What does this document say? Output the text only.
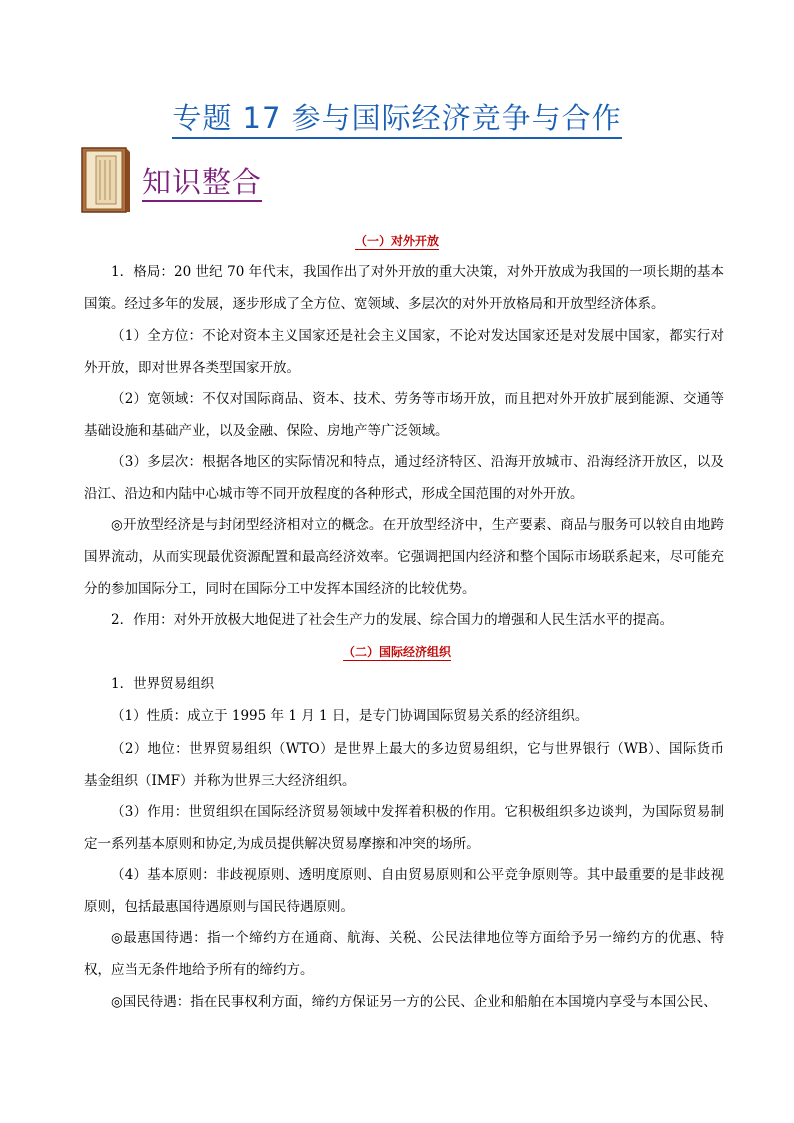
专题 17 参与国际经济竞争与合作
知识整合
（一）对外开放
1．格局：20 世纪 70 年代末，我国作出了对外开放的重大决策，对外开放成为我国的一项长期的基本国策。经过多年的发展，逐步形成了全方位、宽领域、多层次的对外开放格局和开放型经济体系。
（1）全方位：不论对资本主义国家还是社会主义国家，不论对发达国家还是对发展中国家，都实行对外开放，即对世界各类型国家开放。
（2）宽领域：不仅对国际商品、资本、技术、劳务等市场开放，而且把对外开放扩展到能源、交通等基础设施和基础产业，以及金融、保险、房地产等广泛领域。
（3）多层次：根据各地区的实际情况和特点，通过经济特区、沿海开放城市、沿海经济开放区，以及沿江、沿边和内陆中心城市等不同开放程度的各种形式，形成全国范围的对外开放。
◎开放型经济是与封闭型经济相对立的概念。在开放型经济中，生产要素、商品与服务可以较自由地跨国界流动，从而实现最优资源配置和最高经济效率。它强调把国内经济和整个国际市场联系起来，尽可能充分的参加国际分工，同时在国际分工中发挥本国经济的比较优势。
2．作用：对外开放极大地促进了社会生产力的发展、综合国力的增强和人民生活水平的提高。
（二）国际经济组织
1．世界贸易组织
（1）性质：成立于 1995 年 1 月 1 日，是专门协调国际贸易关系的经济组织。
（2）地位：世界贸易组织（WTO）是世界上最大的多边贸易组织，它与世界银行（WB）、国际货币基金组织（IMF）并称为世界三大经济组织。
（3）作用：世贸组织在国际经济贸易领域中发挥着积极的作用。它积极组织多边谈判，为国际贸易制定一系列基本原则和协定,为成员提供解决贸易摩擦和冲突的场所。
（4）基本原则：非歧视原则、透明度原则、自由贸易原则和公平竞争原则等。其中最重要的是非歧视原则，包括最惠国待遇原则与国民待遇原则。
◎最惠国待遇：指一个缔约方在通商、航海、关税、公民法律地位等方面给予另一缔约方的优惠、特权，应当无条件地给予所有的缔约方。
◎国民待遇：指在民事权利方面，缔约方保证另一方的公民、企业和船舶在本国境内享受与本国公民、
